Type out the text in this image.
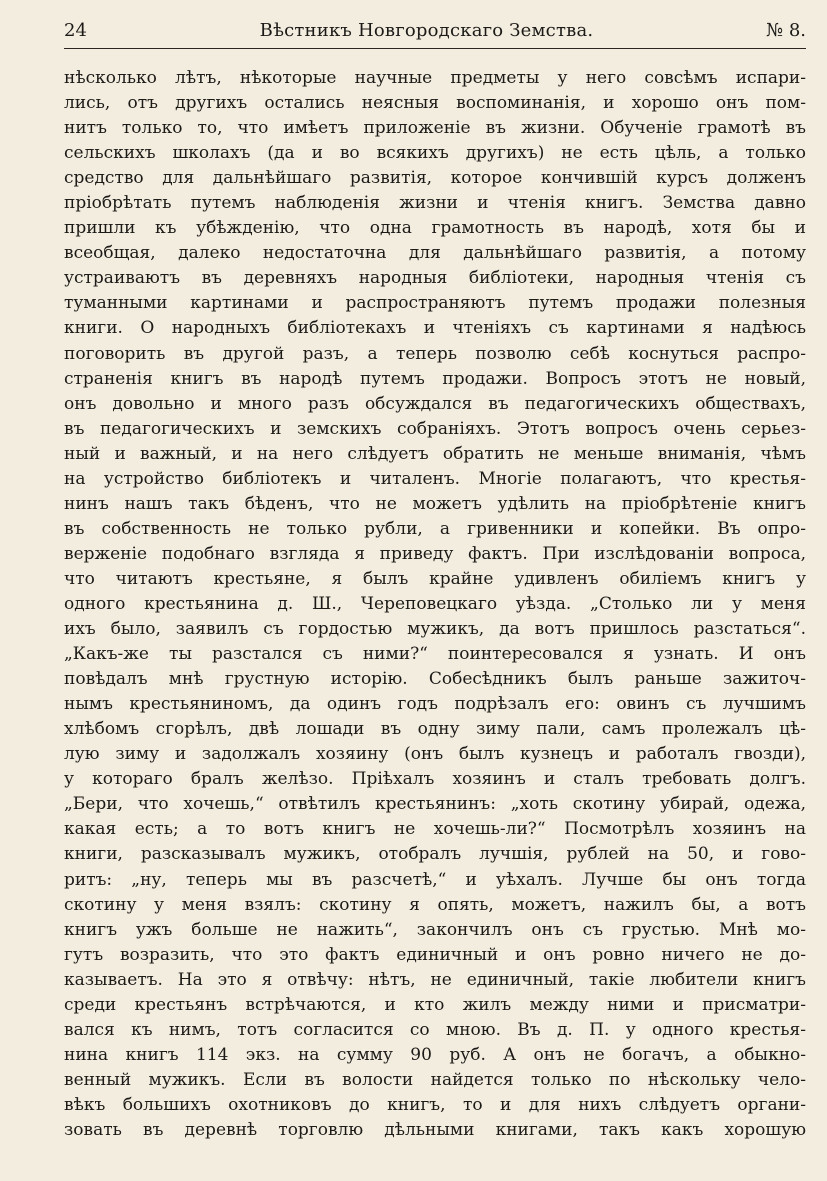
24	Вѣстникъ Новгородскаго Земства.	№ 8.
нѣсколько лѣтъ, нѣкоторые научные предметы у него совсѣмъ испари-
лись, отъ другихъ остались неясныя воспоминанія, и хорошо онъ пом-
нитъ только то, что имѣетъ приложеніе въ жизни. Обученіе грамотѣ въ
сельскихъ школахъ (да и во всякихъ другихъ) не есть цѣль, а только
средство для дальнѣйшаго развитія, которое кончившій курсъ долженъ
пріобрѣтать путемъ наблюденія жизни и чтенія книгъ. Земства давно
пришли къ убѣжденію, что одна грамотность въ народѣ, хотя бы и
всеобщая, далеко недостаточна для дальнѣйшаго развитія, а потому
устраиваютъ въ деревняхъ народныя библіотеки, народныя чтенія съ
туманными картинами и распространяютъ путемъ продажи полезныя
книги. О народныхъ библіотекахъ и чтеніяхъ съ картинами я надѣюсь
поговорить въ другой разъ, а теперь позволю себѣ коснуться распро-
страненія книгъ въ народѣ путемъ продажи. Вопросъ этотъ не новый,
онъ довольно и много разъ обсуждался въ педагогическихъ обществахъ,
въ педагогическихъ и земскихъ собраніяхъ. Этотъ вопросъ очень серьез-
ный и важный, и на него слѣдуетъ обратить не меньше вниманія, чѣмъ
на устройство библіотекъ и читаленъ. Многіе полагаютъ, что крестья-
нинъ нашъ такъ бѣденъ, что не можетъ удѣлить на пріобрѣтеніе книгъ
въ собственность не только рубли, а гривенники и копейки. Въ опро-
верженіе подобнаго взгляда я приведу фактъ. При изслѣдованіи вопроса,
что читаютъ крестьяне, я былъ крайне удивленъ обиліемъ книгъ у
одного крестьянина д. Ш., Череповецкаго уѣзда. „Столько ли у меня
ихъ было, заявилъ съ гордостью мужикъ, да вотъ пришлось разстаться“.
„Какъ-же ты разстался съ ними?“ поинтересовался я узнать. И онъ
повѣдалъ мнѣ грустную исторію. Собесѣдникъ былъ раньше зажиточ-
нымъ крестьяниномъ, да одинъ годъ подрѣзалъ его: овинъ съ лучшимъ
хлѣбомъ сгорѣлъ, двѣ лошади въ одну зиму пали, самъ пролежалъ цѣ-
лую зиму и задолжалъ хозяину (онъ былъ кузнецъ и работалъ гвозди),
у котораго бралъ желѣзо. Пріѣхалъ хозяинъ и сталъ требовать долгъ.
„Бери, что хочешь,“ отвѣтилъ крестьянинъ: „хоть скотину убирай, одежа,
какая есть; а то вотъ книгъ не хочешь-ли?“ Посмотрѣлъ хозяинъ на
книги, разсказывалъ мужикъ, отобралъ лучшія, рублей на 50, и гово-
ритъ: „ну, теперь мы въ разсчетѣ,“ и уѣхалъ. Лучше бы онъ тогда
скотину у меня взялъ: скотину я опять, можетъ, нажилъ бы, а вотъ
книгъ ужъ больше не нажить“, закончилъ онъ съ грустью. Мнѣ мо-
гутъ возразить, что это фактъ единичный и онъ ровно ничего не до-
казываетъ. На это я отвѣчу: нѣтъ, не единичный, такіе любители книгъ
среди крестьянъ встрѣчаются, и кто жилъ между ними и присматри-
вался къ нимъ, тотъ согласится со мною. Въ д. П. у одного крестья-
нина книгъ 114 экз. на сумму 90 руб. А онъ не богачъ, а обыкно-
венный мужикъ. Если въ волости найдется только по нѣскольку чело-
вѣкъ большихъ охотниковъ до книгъ, то и для нихъ слѣдуетъ органи-
зовать въ деревнѣ торговлю дѣльными книгами, такъ какъ хорошую
